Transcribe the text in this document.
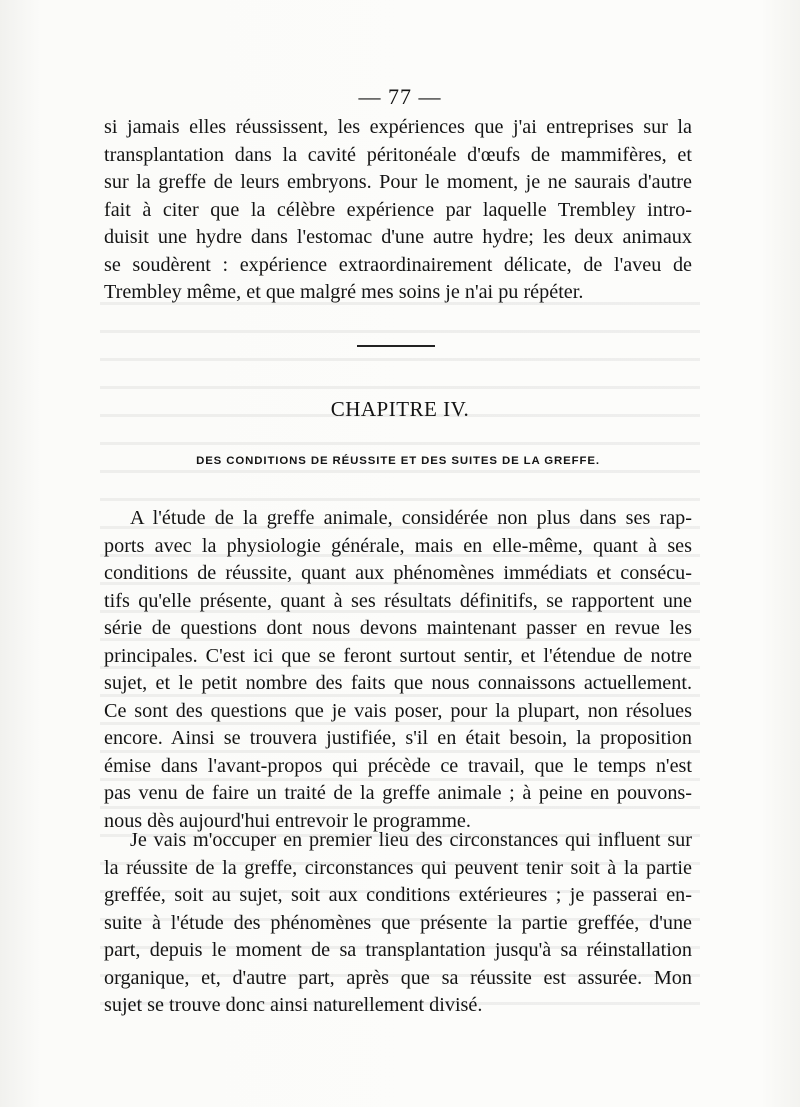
— 77 —

si jamais elles réussissent, les expériences que j'ai entreprises sur la
transplantation dans la cavité péritonéale d'œufs de mammifères, et
sur la greffe de leurs embryons. Pour le moment, je ne saurais d'autre
fait à citer que la célèbre expérience par laquelle Trembley intro-
duisit une hydre dans l'estomac d'une autre hydre; les deux animaux
se soudèrent : expérience extraordinairement délicate, de l'aveu de
Trembley même, et que malgré mes soins je n'ai pu répéter.

CHAPITRE IV.
DES CONDITIONS DE RÉUSSITE ET DES SUITES DE LA GREFFE.

A l'étude de la greffe animale, considérée non plus dans ses rap-
ports avec la physiologie générale, mais en elle-même, quant à ses
conditions de réussite, quant aux phénomènes immédiats et consécu-
tifs qu'elle présente, quant à ses résultats définitifs, se rapportent une
série de questions dont nous devons maintenant passer en revue les
principales. C'est ici que se feront surtout sentir, et l'étendue de notre
sujet, et le petit nombre des faits que nous connaissons actuellement.
Ce sont des questions que je vais poser, pour la plupart, non résolues
encore. Ainsi se trouvera justifiée, s'il en était besoin, la proposition
émise dans l'avant-propos qui précède ce travail, que le temps n'est
pas venu de faire un traité de la greffe animale ; à peine en pouvons-
nous dès aujourd'hui entrevoir le programme.

Je vais m'occuper en premier lieu des circonstances qui influent sur
la réussite de la greffe, circonstances qui peuvent tenir soit à la partie
greffée, soit au sujet, soit aux conditions extérieures ; je passerai en-
suite à l'étude des phénomènes que présente la partie greffée, d'une
part, depuis le moment de sa transplantation jusqu'à sa réinstallation
organique, et, d'autre part, après que sa réussite est assurée. Mon
sujet se trouve donc ainsi naturellement divisé.
